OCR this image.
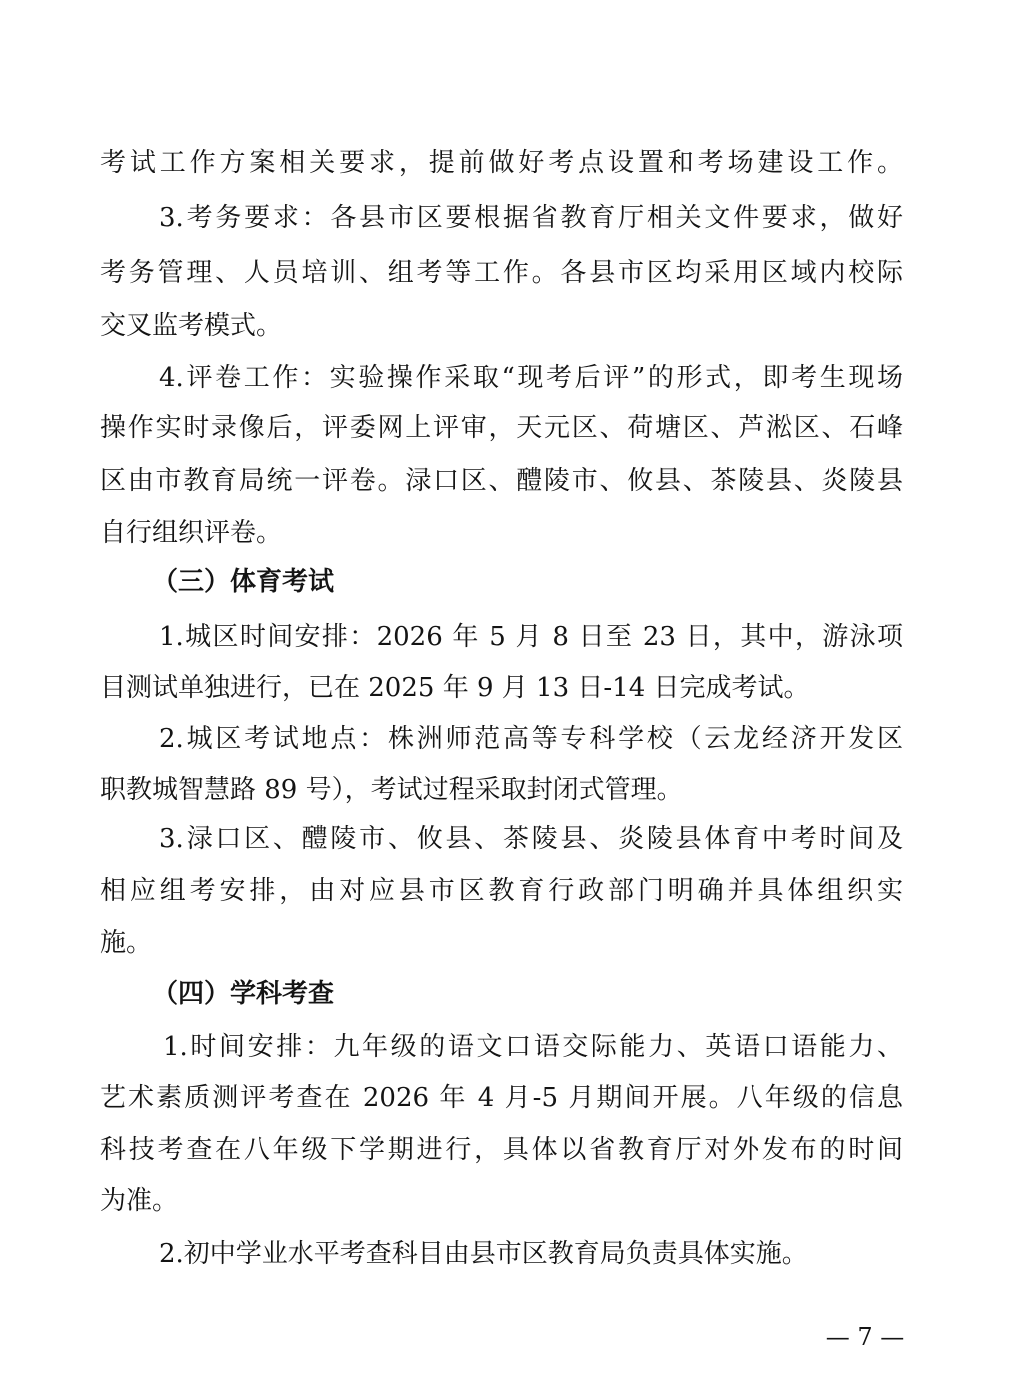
考试工作方案相关要求，提前做好考点设置和考场建设工作。

3.考务要求：各县市区要根据省教育厅相关文件要求，做好

考务管理、人员培训、组考等工作。各县市区均采用区域内校际

交叉监考模式。

4.评卷工作：实验操作采取“现考后评”的形式，即考生现场

操作实时录像后，评委网上评审，天元区、荷塘区、芦淞区、石峰

区由市教育局统一评卷。渌口区、醴陵市、攸县、茶陵县、炎陵县

自行组织评卷。

（三）体育考试

1.城区时间安排：2026 年 5 月 8 日至 23 日，其中，游泳项

目测试单独进行，已在 2025 年 9 月 13 日-14 日完成考试。

2.城区考试地点：株洲师范高等专科学校（云龙经济开发区

职教城智慧路 89 号），考试过程采取封闭式管理。

3.渌口区、醴陵市、攸县、茶陵县、炎陵县体育中考时间及

相应组考安排，由对应县市区教育行政部门明确并具体组织实

施。

（四）学科考查

1.时间安排：九年级的语文口语交际能力、英语口语能力、

艺术素质测评考查在 2026 年 4 月-5 月期间开展。八年级的信息

科技考查在八年级下学期进行，具体以省教育厅对外发布的时间

为准。

2.初中学业水平考查科目由县市区教育局负责具体实施。

— 7 —
